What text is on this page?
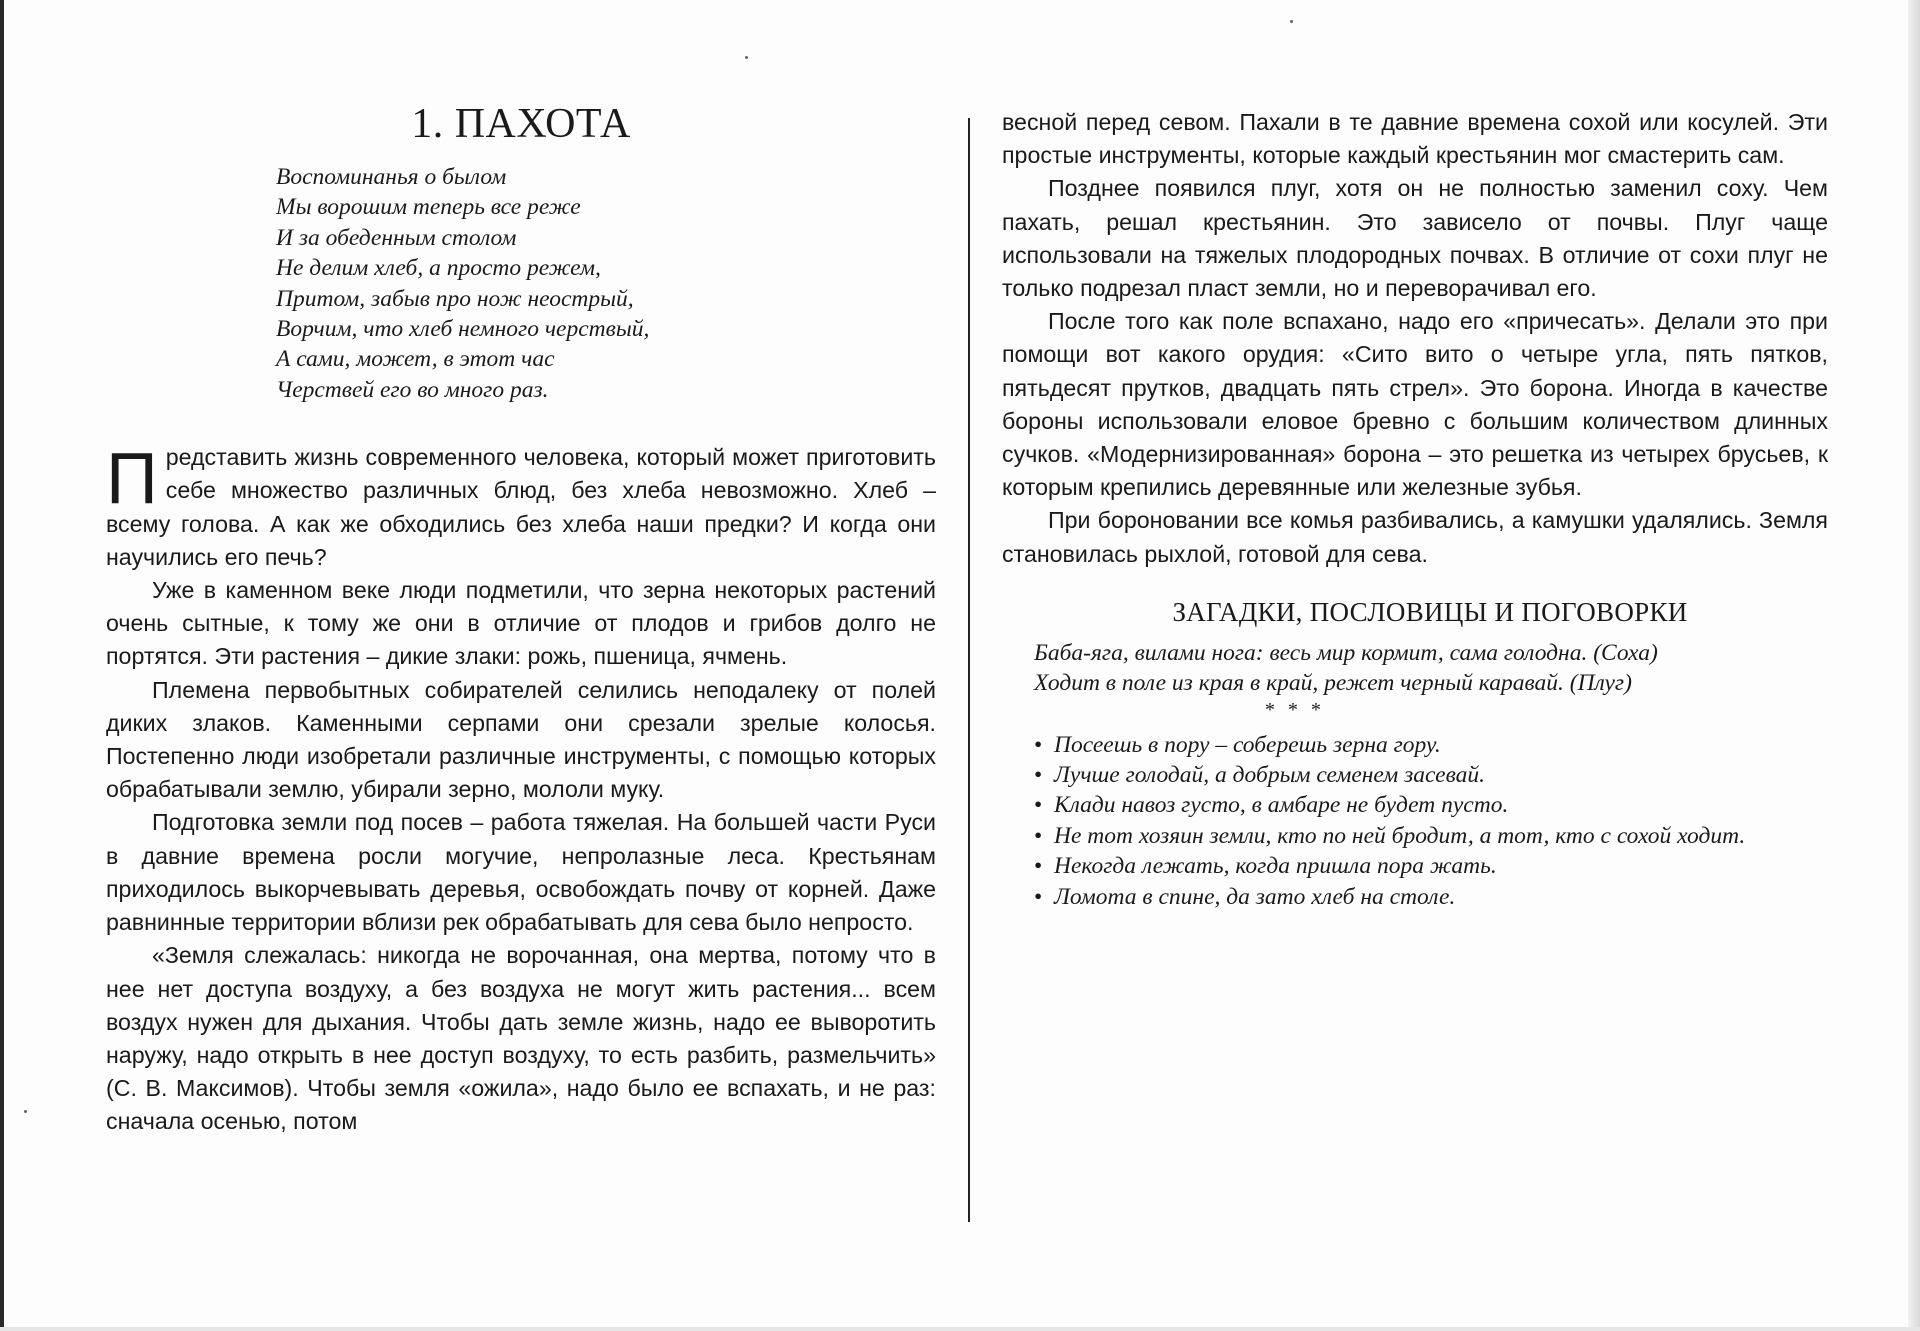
1. ПАХОТА
Воспоминанья о былом
Мы ворошим теперь все реже
И за обеденным столом
Не делим хлеб, а просто режем,
Притом, забыв про нож неострый,
Ворчим, что хлеб немного черствый,
А сами, может, в этот час
Черствей его во много раз.

Представить жизнь современного человека, который может приготовить себе множество различных блюд, без хлеба невозможно. Хлеб – всему голова. А как же обходились без хлеба наши предки? И когда они научились его печь?

Уже в каменном веке люди подметили, что зерна некоторых растений очень сытные, к тому же они в отличие от плодов и грибов долго не портятся. Эти растения – дикие злаки: рожь, пшеница, ячмень.

Племена первобытных собирателей селились неподалеку от полей диких злаков. Каменными серпами они срезали зрелые колосья. Постепенно люди изобретали различные инструменты, с помощью которых обрабатывали землю, убирали зерно, мололи муку.

Подготовка земли под посев – работа тяжелая. На большей части Руси в давние времена росли могучие, непролазные леса. Крестьянам приходилось выкорчевывать деревья, освобождать почву от корней. Даже равнинные территории вблизи рек обрабатывать для сева было непросто.

«Земля слежалась: никогда не ворочанная, она мертва, потому что в нее нет доступа воздуху, а без воздуха не могут жить растения... всем воздух нужен для дыхания. Чтобы дать земле жизнь, надо ее выворотить наружу, надо открыть в нее доступ воздуху, то есть разбить, размельчить» (С. В. Максимов). Чтобы земля «ожила», надо было ее вспахать, и не раз: сначала осенью, потом

весной перед севом. Пахали в те давние времена сохой или косулей. Эти простые инструменты, которые каждый крестьянин мог смастерить сам.

Позднее появился плуг, хотя он не полностью заменил соху. Чем пахать, решал крестьянин. Это зависело от почвы. Плуг чаще использовали на тяжелых плодородных почвах. В отличие от сохи плуг не только подрезал пласт земли, но и переворачивал его.

После того как поле вспахано, надо его «причесать». Делали это при помощи вот какого орудия: «Сито вито о четыре угла, пять пятков, пятьдесят прутков, двадцать пять стрел». Это борона. Иногда в качестве бороны использовали еловое бревно с большим количеством длинных сучков. «Модернизированная» борона – это решетка из четырех брусьев, к которым крепились деревянные или железные зубья.

При бороновании все комья разбивались, а камушки удалялись. Земля становилась рыхлой, готовой для сева.

ЗАГАДКИ, ПОСЛОВИЦЫ И ПОГОВОРКИ
Баба-яга, вилами нога: весь мир кормит, сама голодна. (Соха)
Ходит в поле из края в край, режет черный каравай. (Плуг)
* * *
• Посеешь в пору – соберешь зерна гору.
• Лучше голодай, а добрым семенем засевай.
• Клади навоз густо, в амбаре не будет пусто.
• Не тот хозяин земли, кто по ней бродит, а тот, кто с сохой ходит.
• Некогда лежать, когда пришла пора жать.
• Ломота в спине, да зато хлеб на столе.
